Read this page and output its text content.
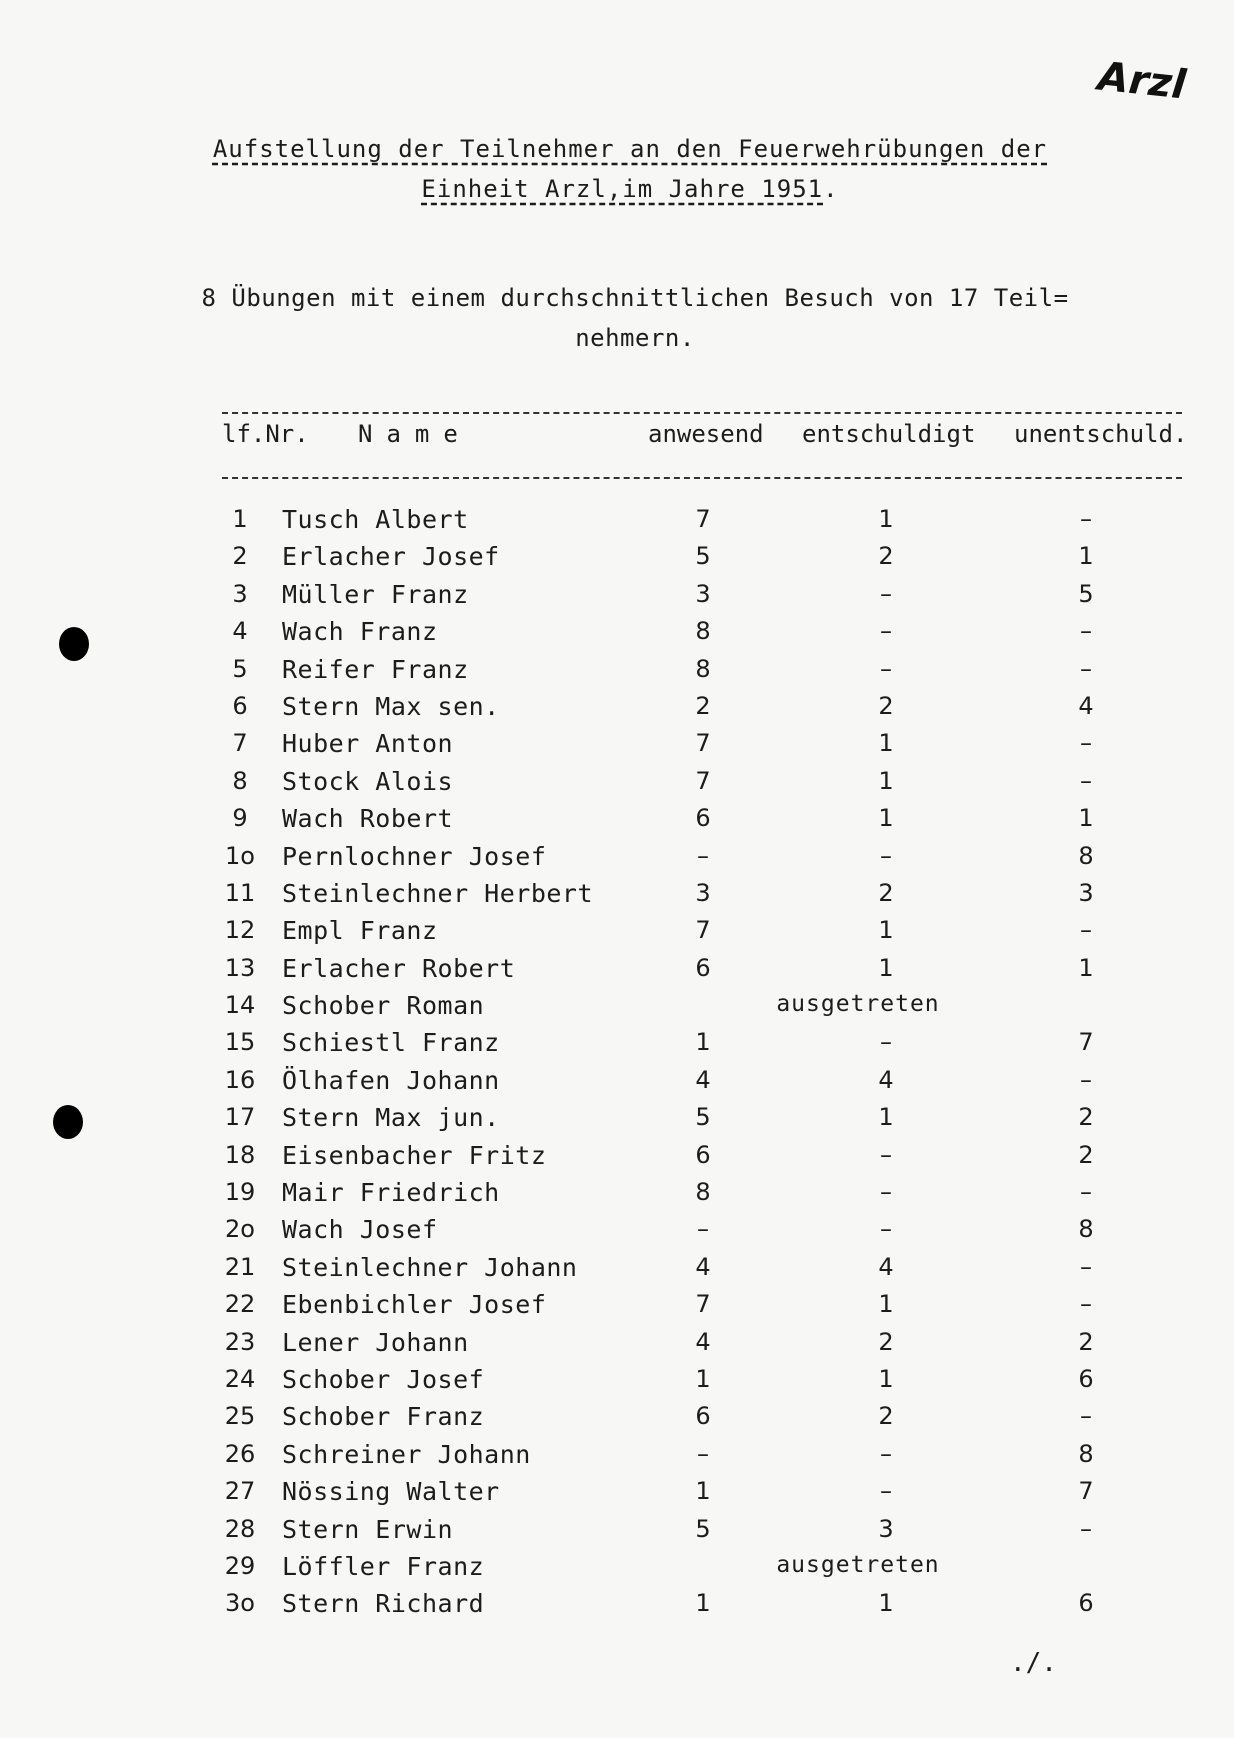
Arzl
Aufstellung der Teilnehmer an den Feuerwehrübungen der
Einheit Arzl,im Jahre 1951.
8 Übungen mit einem durchschnittlichen Besuch von 17 Teil=
nehmern.
lf.Nr. Name	anwesend entschuldigt unentschuld.
1	Tusch Albert	7	1	–
2	Erlacher Josef	5	2	1
3	Müller Franz	3	–	5
4	Wach Franz	8	–	–
5	Reifer Franz	8	–	–
6	Stern Max sen.	2	2	4
7	Huber Anton	7	1	–
8	Stock Alois	7	1	–
9	Wach Robert	6	1	1
1o Pernlochner Josef	–	–	8
11 Steinlechner Herbert	3	2	3
12 Empl Franz	7	1	–
13 Erlacher Robert	6	1	1
14 Schober Roman	ausgetreten
15 Schiestl Franz	1	–	7
16 Ölhafen Johann	4	4	–
17 Stern Max jun.	5	1	2
18 Eisenbacher Fritz	6	–	2
19 Mair Friedrich	8	–	–
2o Wach Josef	–	–	8
21 Steinlechner Johann	4	4	–
22 Ebenbichler Josef	7	1	–
23 Lener Johann	4	2	2
24 Schober Josef	1	1	6
25 Schober Franz	6	2	–
26 Schreiner Johann	–	–	8
27 Nössing Walter	1	–	7
28 Stern Erwin	5	3	–
29 Löffler Franz	ausgetreten
3o Stern Richard	1	1	6
./.
